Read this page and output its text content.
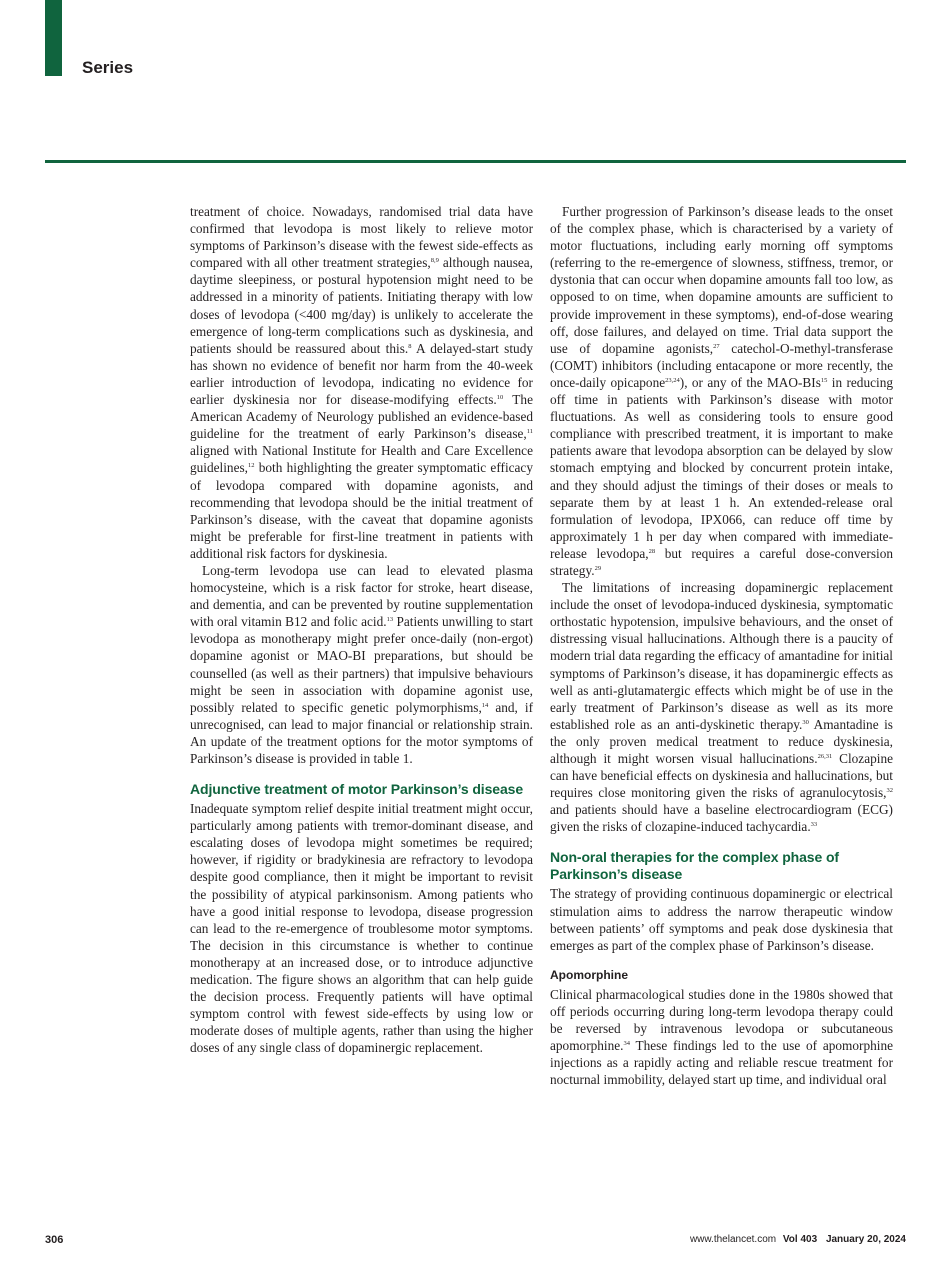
Series

treatment of choice. Nowadays, randomised trial data have confirmed that levodopa is most likely to relieve motor symptoms of Parkinson’s disease with the fewest side-effects as compared with all other treatment strategies,$^{8,9}$ although nausea, daytime sleepiness, or postural hypotension might need to be addressed in a minority of patients. Initiating therapy with low doses of levodopa (<400 mg/day) is unlikely to accelerate the emergence of long-term complications such as dyskinesia, and patients should be reassured about this.$^8$ A delayed-start study has shown no evidence of benefit nor harm from the 40-week earlier introduction of levodopa, indicating no evidence for earlier dyskinesia nor for disease-modifying effects.$^{10}$ The American Academy of Neurology published an evidence-based guideline for the treatment of early Parkinson’s disease,$^{11}$ aligned with National Institute for Health and Care Excellence guidelines,$^{12}$ both highlighting the greater symptomatic efficacy of levodopa compared with dopamine agonists, and recommending that levodopa should be the initial treatment of Parkinson’s disease, with the caveat that dopamine agonists might be preferable for first-line treatment in patients with additional risk factors for dyskinesia.

Long-term levodopa use can lead to elevated plasma homocysteine, which is a risk factor for stroke, heart disease, and dementia, and can be prevented by routine supplementation with oral vitamin B12 and folic acid.$^{13}$ Patients unwilling to start levodopa as monotherapy might prefer once-daily (non-ergot) dopamine agonist or MAO-BI preparations, but should be counselled (as well as their partners) that impulsive behaviours might be seen in association with dopamine agonist use, possibly related to specific genetic polymorphisms,$^{14}$ and, if unrecognised, can lead to major financial or relationship strain. An update of the treatment options for the motor symptoms of Parkinson’s disease is provided in table 1.

Adjunctive treatment of motor Parkinson’s disease

Inadequate symptom relief despite initial treatment might occur, particularly among patients with tremor-dominant disease, and escalating doses of levodopa might sometimes be required; however, if rigidity or bradykinesia are refractory to levodopa despite good compliance, then it might be important to revisit the possibility of atypical parkinsonism. Among patients who have a good initial response to levodopa, disease progression can lead to the re-emergence of troublesome motor symptoms. The decision in this circumstance is whether to continue monotherapy at an increased dose, or to introduce adjunctive medication. The figure shows an algorithm that can help guide the decision process. Frequently patients will have optimal symptom control with fewest side-effects by using low or moderate doses of multiple agents, rather than using the higher doses of any single class of dopaminergic replacement.

Further progression of Parkinson’s disease leads to the onset of the complex phase, which is characterised by a variety of motor fluctuations, including early morning off symptoms (referring to the re-emergence of slowness, stiffness, tremor, or dystonia that can occur when dopamine amounts fall too low, as opposed to on time, when dopamine amounts are sufficient to provide improvement in these symptoms), end-of-dose wearing off, dose failures, and delayed on time. Trial data support the use of dopamine agonists,$^{27}$ catechol-O-methyl-transferase (COMT) inhibitors (including entacapone or more recently, the once-daily opicapone$^{23,24}$), or any of the MAO-BIs$^{15}$ in reducing off time in patients with Parkinson’s disease with motor fluctuations. As well as considering tools to ensure good compliance with prescribed treatment, it is important to make patients aware that levodopa absorption can be delayed by slow stomach emptying and blocked by concurrent protein intake, and they should adjust the timings of their doses or meals to separate them by at least 1 h. An extended-release oral formulation of levodopa, IPX066, can reduce off time by approximately 1 h per day when compared with immediate-release levodopa,$^{28}$ but requires a careful dose-conversion strategy.$^{29}$

The limitations of increasing dopaminergic replacement include the onset of levodopa-induced dyskinesia, symptomatic orthostatic hypotension, impulsive behaviours, and the onset of distressing visual hallucinations. Although there is a paucity of modern trial data regarding the efficacy of amantadine for initial symptoms of Parkinson’s disease, it has dopaminergic effects as well as anti-glutamatergic effects which might be of use in the early treatment of Parkinson’s disease as well as its more established role as an anti-dyskinetic therapy.$^{30}$ Amantadine is the only proven medical treatment to reduce dyskinesia, although it might worsen visual hallucinations.$^{26,31}$ Clozapine can have beneficial effects on dyskinesia and hallucinations, but requires close monitoring given the risks of agranulocytosis,$^{32}$ and patients should have a baseline electrocardiogram (ECG) given the risks of clozapine-induced tachycardia.$^{33}$

Non-oral therapies for the complex phase of Parkinson’s disease

The strategy of providing continuous dopaminergic or electrical stimulation aims to address the narrow therapeutic window between patients’ off symptoms and peak dose dyskinesia that emerges as part of the complex phase of Parkinson’s disease.

Apomorphine

Clinical pharmacological studies done in the 1980s showed that off periods occurring during long-term levodopa therapy could be reversed by intravenous levodopa or subcutaneous apomorphine.$^{34}$ These findings led to the use of apomorphine injections as a rapidly acting and reliable rescue treatment for nocturnal immobility, delayed start up time, and individual oral

306	www.thelancet.com Vol 403 January 20, 2024
